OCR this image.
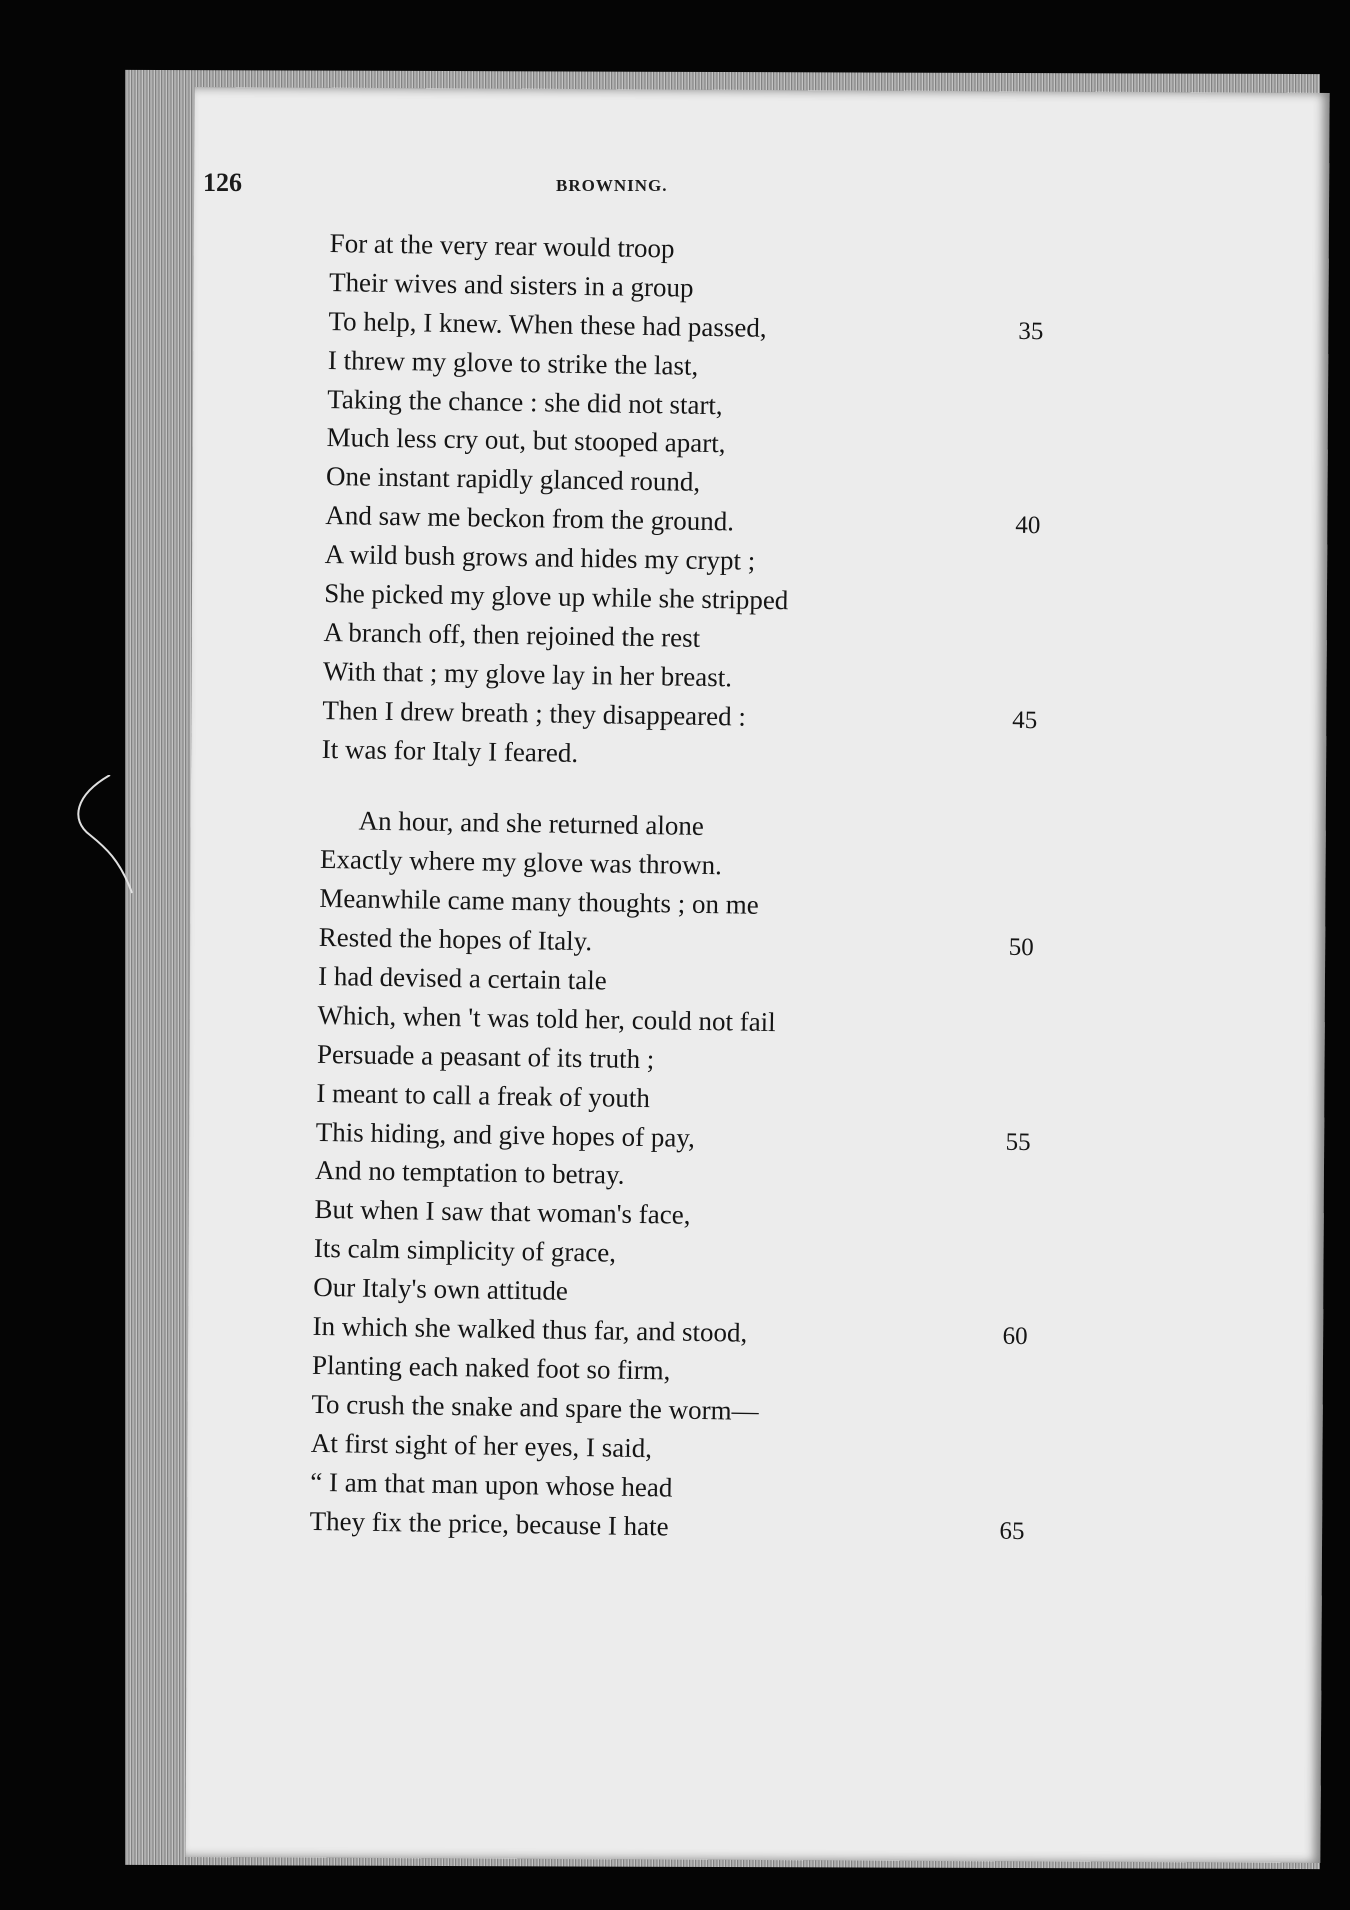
126	BROWNING.
For at the very rear would troop
Their wives and sisters in a group
To help, I knew. When these had passed,	35
I threw my glove to strike the last,
Taking the chance : she did not start,
Much less cry out, but stooped apart,
One instant rapidly glanced round,
And saw me beckon from the ground.	40
A wild bush grows and hides my crypt ;
She picked my glove up while she stripped
A branch off, then rejoined the rest
With that ; my glove lay in her breast.
Then I drew breath ; they disappeared :	45
It was for Italy I feared.
An hour, and she returned alone
Exactly where my glove was thrown.
Meanwhile came many thoughts ; on me
Rested the hopes of Italy.	50
I had devised a certain tale
Which, when 't was told her, could not fail
Persuade a peasant of its truth ;
I meant to call a freak of youth
This hiding, and give hopes of pay,	55
And no temptation to betray.
But when I saw that woman's face,
Its calm simplicity of grace,
Our Italy's own attitude
In which she walked thus far, and stood,	60
Planting each naked foot so firm,
To crush the snake and spare the worm—
At first sight of her eyes, I said,
“ I am that man upon whose head
They fix the price, because I hate	65
